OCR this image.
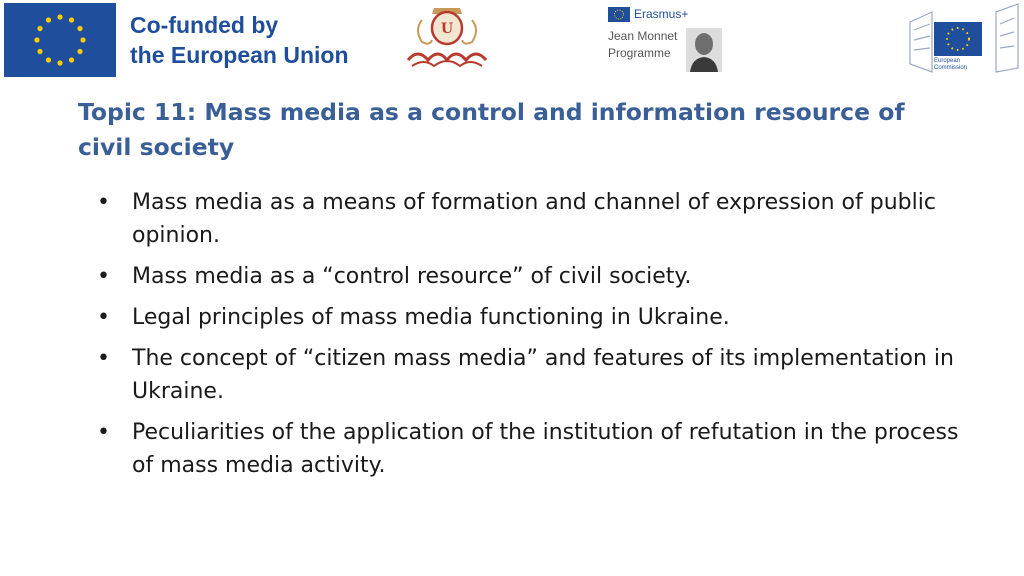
Co-funded by
the European Union
U
Erasmus+
Jean Monnet
Programme
European
Commission
Topic 11: Mass media as a control and information resource of
civil society
• Mass media as a means of formation and channel of expression of public opinion.
• Mass media as a “control resource” of civil society.
• Legal principles of mass media functioning in Ukraine.
• The concept of “citizen mass media” and features of its implementation in Ukraine.
• Peculiarities of the application of the institution of refutation in the process of mass media activity.
